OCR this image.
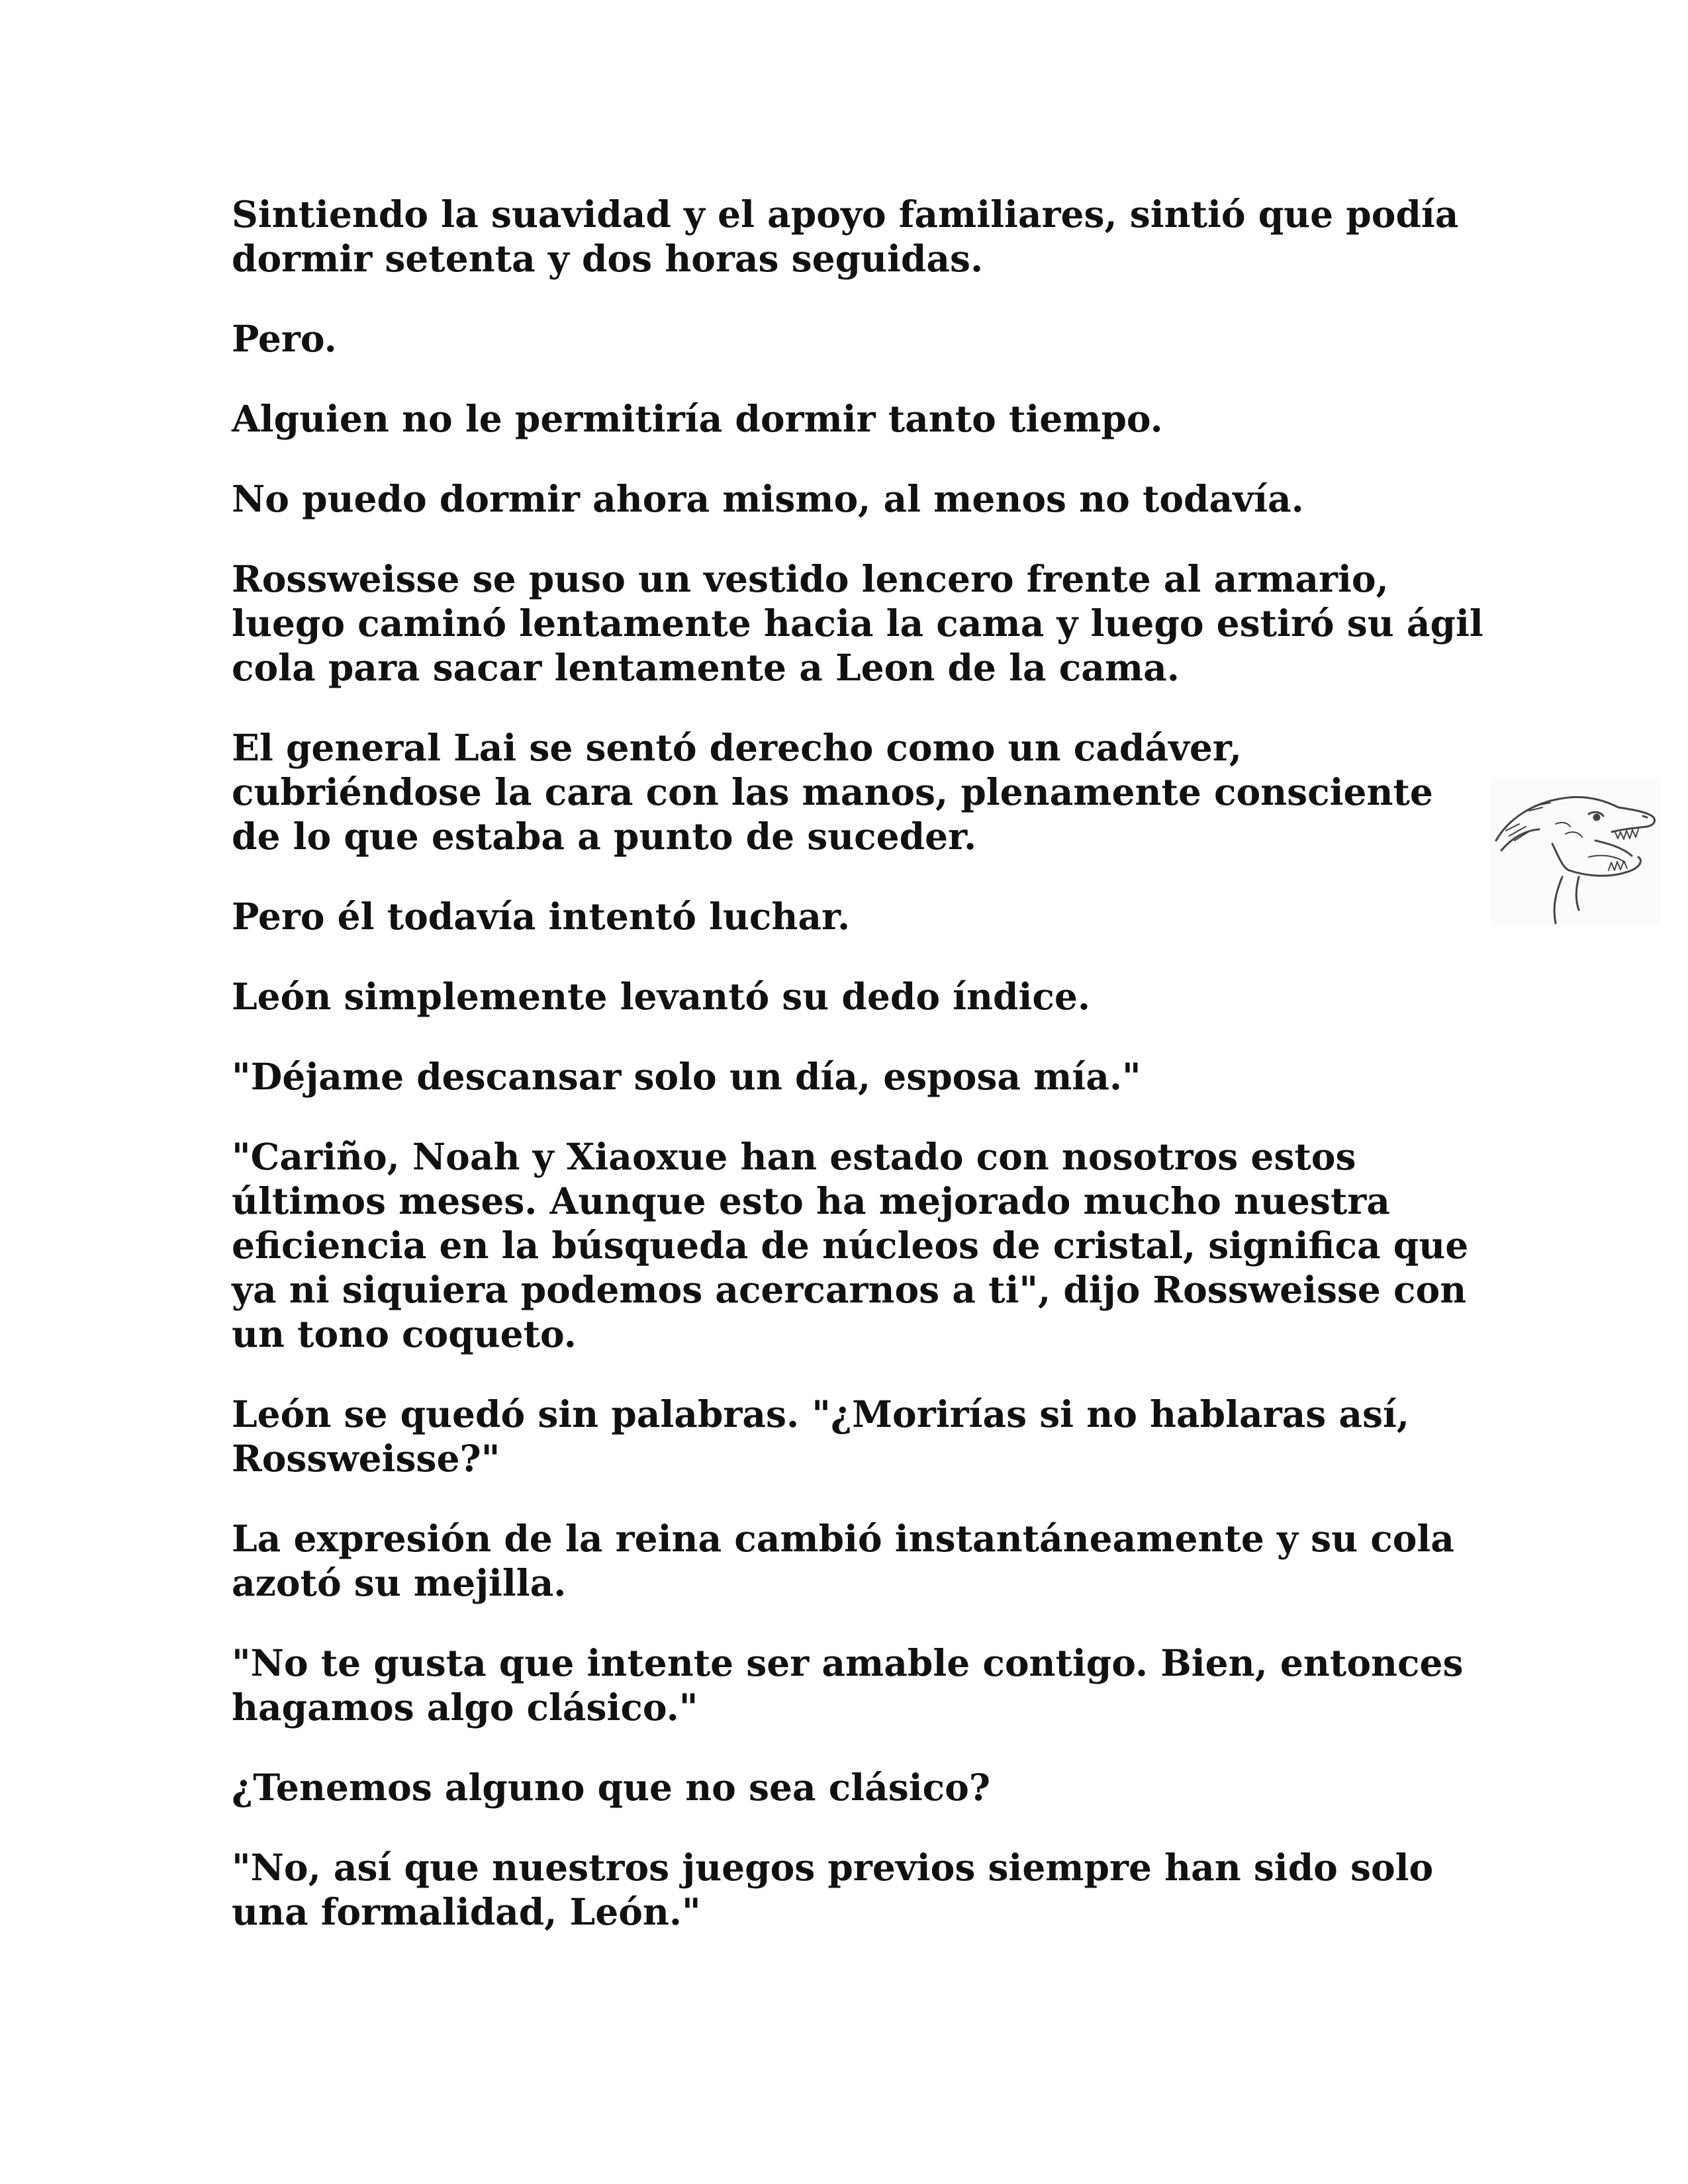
Sintiendo la suavidad y el apoyo familiares, sintió que podía dormir setenta y dos horas seguidas.

Pero.

Alguien no le permitiría dormir tanto tiempo.

No puedo dormir ahora mismo, al menos no todavía.

Rossweisse se puso un vestido lencero frente al armario, luego caminó lentamente hacia la cama y luego estiró su ágil cola para sacar lentamente a Leon de la cama.

El general Lai se sentó derecho como un cadáver, cubriéndose la cara con las manos, plenamente consciente de lo que estaba a punto de suceder.

Pero él todavía intentó luchar.

León simplemente levantó su dedo índice.

"Déjame descansar solo un día, esposa mía."

"Cariño, Noah y Xiaoxue han estado con nosotros estos últimos meses. Aunque esto ha mejorado mucho nuestra eficiencia en la búsqueda de núcleos de cristal, significa que ya ni siquiera podemos acercarnos a ti", dijo Rossweisse con un tono coqueto.

León se quedó sin palabras. "¿Morirías si no hablaras así, Rossweisse?"

La expresión de la reina cambió instantáneamente y su cola azotó su mejilla.

"No te gusta que intente ser amable contigo. Bien, entonces hagamos algo clásico."

¿Tenemos alguno que no sea clásico?

"No, así que nuestros juegos previos siempre han sido solo una formalidad, León."
